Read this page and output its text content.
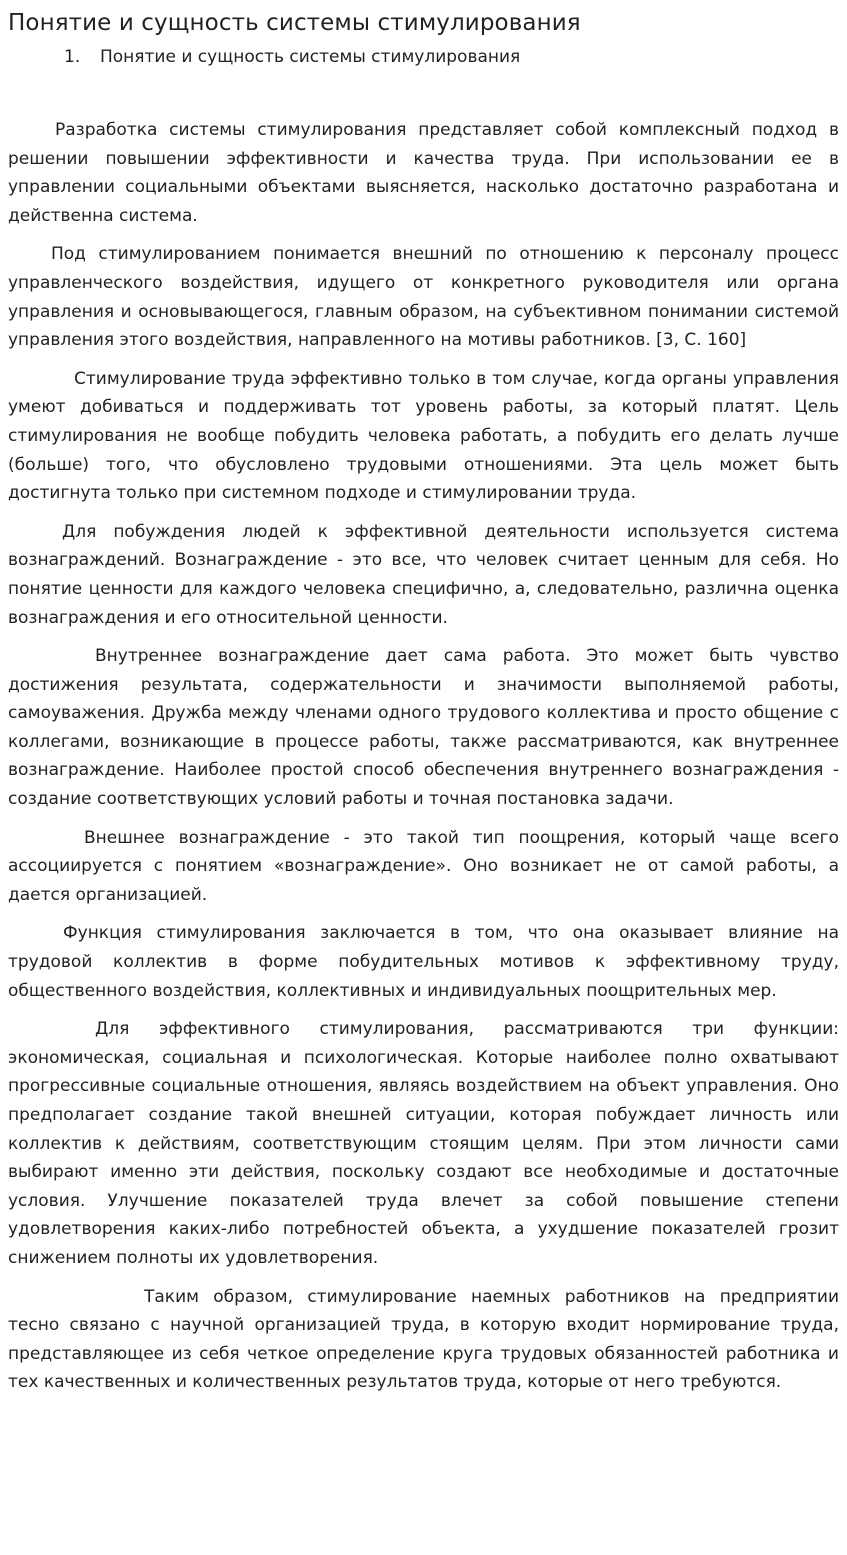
Понятие и сущность системы стимулирования
1. Понятие и сущность системы стимулирования

Разработка системы стимулирования представляет собой комплексный подход в решении повышении эффективности и качества труда. При использовании ее в управлении социальными объектами выясняется, насколько достаточно разработана и действенна система.

Под стимулированием понимается внешний по отношению к персоналу процесс управленческого воздействия, идущего от конкретного руководителя или органа управления и основывающегося, главным образом, на субъективном понимании системой управления этого воздействия, направленного на мотивы работников. [3, С. 160]

Стимулирование труда эффективно только в том случае, когда органы управления умеют добиваться и поддерживать тот уровень работы, за который платят. Цель стимулирования не вообще побудить человека работать, а побудить его делать лучше (больше) того, что обусловлено трудовыми отношениями. Эта цель может быть достигнута только при системном подходе и стимулировании труда.

Для побуждения людей к эффективной деятельности используется система вознаграждений. Вознаграждение - это все, что человек считает ценным для себя. Но понятие ценности для каждого человека специфично, а, следовательно, различна оценка вознаграждения и его относительной ценности.

Внутреннее вознаграждение дает сама работа. Это может быть чувство достижения результата, содержательности и значимости выполняемой работы, самоуважения. Дружба между членами одного трудового коллектива и просто общение с коллегами, возникающие в процессе работы, также рассматриваются, как внутреннее вознаграждение. Наиболее простой способ обеспечения внутреннего вознаграждения - создание соответствующих условий работы и точная постановка задачи.

Внешнее вознаграждение - это такой тип поощрения, который чаще всего ассоциируется с понятием «вознаграждение». Оно возникает не от самой работы, а дается организацией.

Функция стимулирования заключается в том, что она оказывает влияние на трудовой коллектив в форме побудительных мотивов к эффективному труду, общественного воздействия, коллективных и индивидуальных поощрительных мер.

Для эффективного стимулирования, рассматриваются три функции: экономическая, социальная и психологическая. Которые наиболее полно охватывают прогрессивные социальные отношения, являясь воздействием на объект управления. Оно предполагает создание такой внешней ситуации, которая побуждает личность или коллектив к действиям, соответствующим стоящим целям. При этом личности сами выбирают именно эти действия, поскольку создают все необходимые и достаточные условия. Улучшение показателей труда влечет за собой повышение степени удовлетворения каких-либо потребностей объекта, а ухудшение показателей грозит снижением полноты их удовлетворения.

Таким образом, стимулирование наемных работников на предприятии тесно связано с научной организацией труда, в которую входит нормирование труда, представляющее из себя четкое определение круга трудовых обязанностей работника и тех качественных и количественных результатов труда, которые от него требуются.
